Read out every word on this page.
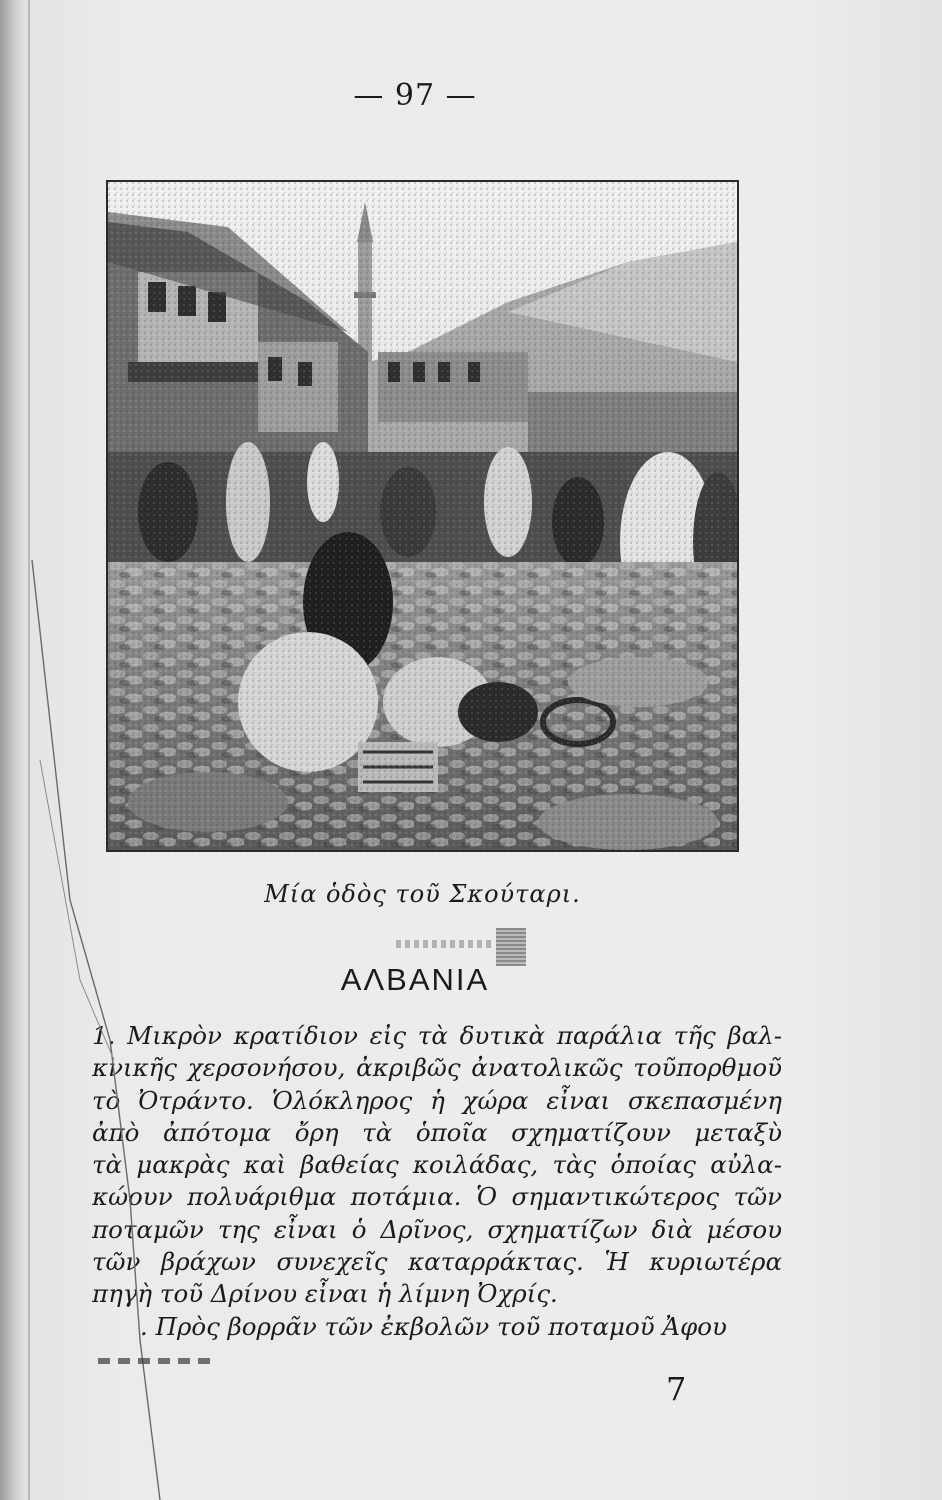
— 97 —
Μία ὁδὸς τοῦ Σκούταρι.
ΑΛΒΑΝΙΑ
1. Μικρὸν κρατίδιον εἰς τὰ δυτικὰ παράλια τῆς βαλ-
κνικῆς χερσονήσου, ἀκριβῶς ἀνατολικῶς τοῦπορθμοῦ
τὸ Ὀτράντο. Ὁλόκληρος ἡ χώρα εἶναι σκεπασμένη
ἀπὸ ἀπότομα ὄρη τὰ ὁποῖα σχηματίζουν μεταξὺ
τὰ μακρὰς καὶ βαθείας κοιλάδας, τὰς ὁποίας αὐλα-
κώουν πολυάριθμα ποτάμια. Ὁ σημαντικώτερος τῶν
ποταμῶν της εἶναι ὁ Δρῖνος, σχηματίζων διὰ μέσου
τῶν βράχων συνεχεῖς καταρράκτας. Ἡ κυριωτέρα
πηγὴ τοῦ Δρίνου εἶναι ἡ λίμνη Ὀχρίς.
. Πρὸς βορρᾶν τῶν ἐκβολῶν τοῦ ποταμοῦ Ἀφου
7
